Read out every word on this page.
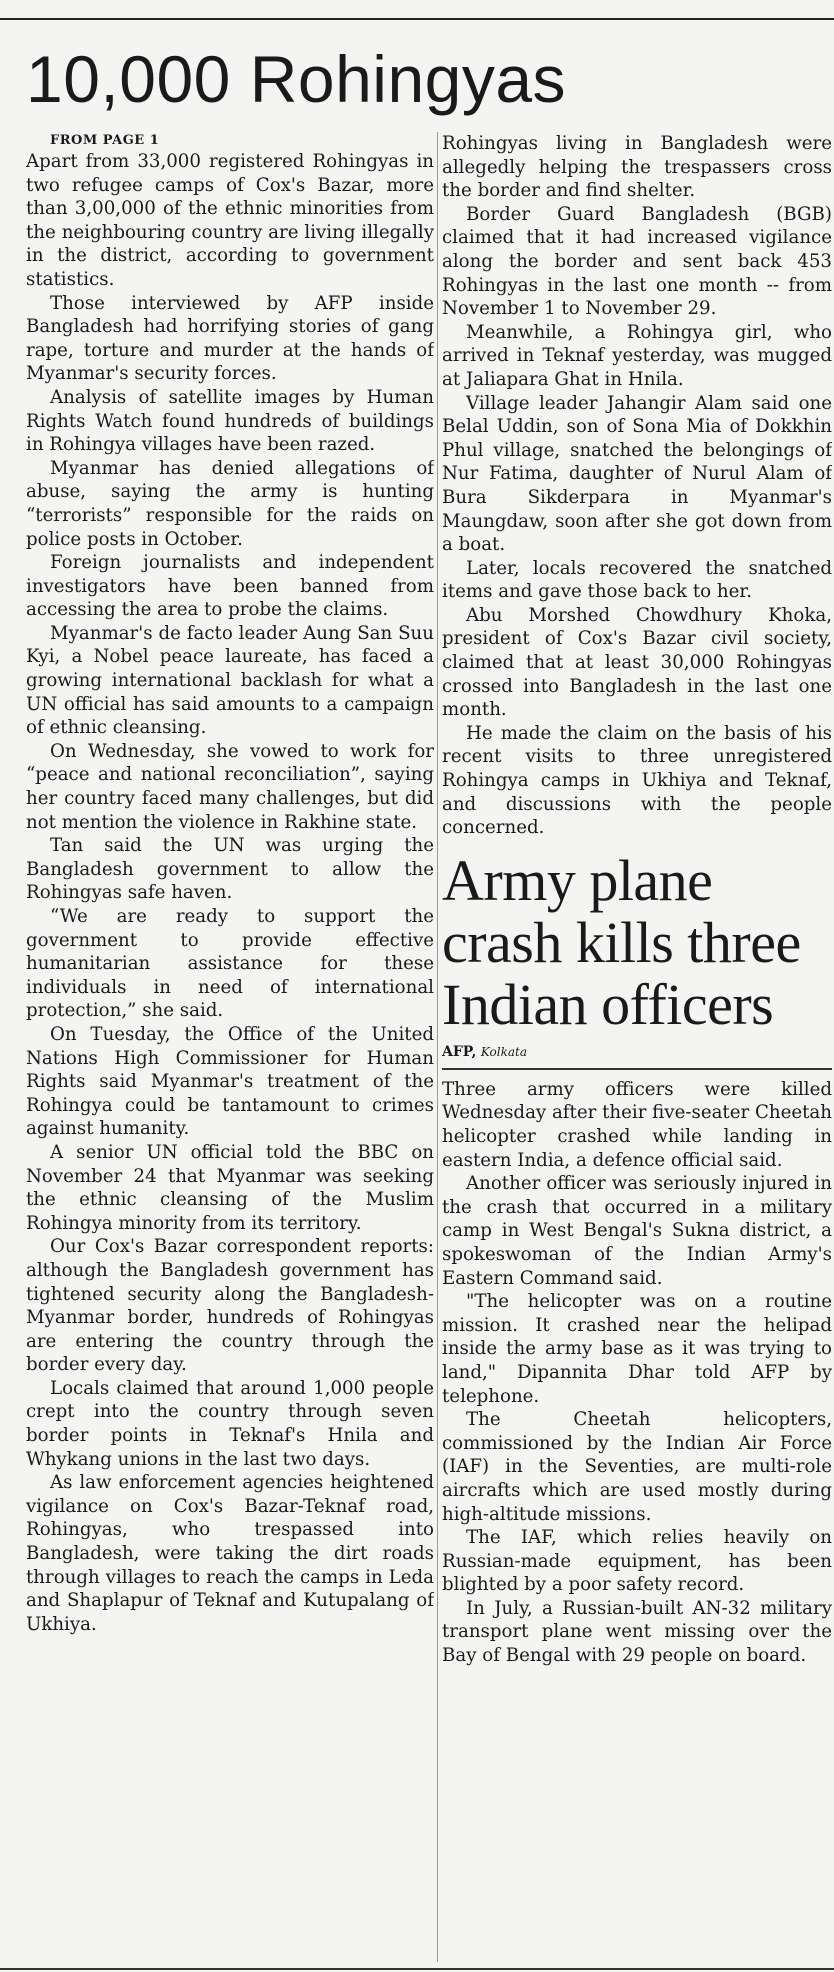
10,000 Rohingyas

FROM PAGE 1

Apart from 33,000 registered Rohingyas in two refugee camps of Cox's Bazar, more than 3,00,000 of the ethnic minorities from the neighbouring country are living illegally in the district, according to government statistics.

Those interviewed by AFP inside Bangladesh had horrifying stories of gang rape, torture and murder at the hands of Myanmar's security forces.

Analysis of satellite images by Human Rights Watch found hundreds of buildings in Rohingya villages have been razed.

Myanmar has denied allegations of abuse, saying the army is hunting “terrorists” responsible for the raids on police posts in October.

Foreign journalists and independent investigators have been banned from accessing the area to probe the claims.

Myanmar's de facto leader Aung San Suu Kyi, a Nobel peace laureate, has faced a growing international backlash for what a UN official has said amounts to a campaign of ethnic cleansing.

On Wednesday, she vowed to work for “peace and national reconciliation”, saying her country faced many challenges, but did not mention the violence in Rakhine state.

Tan said the UN was urging the Bangladesh government to allow the Rohingyas safe haven.

“We are ready to support the government to provide effective humanitarian assistance for these individuals in need of international protection,” she said.

On Tuesday, the Office of the United Nations High Commissioner for Human Rights said Myanmar's treatment of the Rohingya could be tantamount to crimes against humanity.

A senior UN official told the BBC on November 24 that Myanmar was seeking the ethnic cleansing of the Muslim Rohingya minority from its territory.

Our Cox's Bazar correspondent reports: although the Bangladesh government has tightened security along the Bangladesh-Myanmar border, hundreds of Rohingyas are entering the country through the border every day.

Locals claimed that around 1,000 people crept into the country through seven border points in Teknaf's Hnila and Whykang unions in the last two days.

As law enforcement agencies heightened vigilance on Cox's Bazar-Teknaf road, Rohingyas, who trespassed into Bangladesh, were taking the dirt roads through villages to reach the camps in Leda and Shaplapur of Teknaf and Kutupalang of Ukhiya.

Rohingyas living in Bangladesh were allegedly helping the trespassers cross the border and find shelter.

Border Guard Bangladesh (BGB) claimed that it had increased vigilance along the border and sent back 453 Rohingyas in the last one month -- from November 1 to November 29.

Meanwhile, a Rohingya girl, who arrived in Teknaf yesterday, was mugged at Jaliapara Ghat in Hnila.

Village leader Jahangir Alam said one Belal Uddin, son of Sona Mia of Dokkhin Phul village, snatched the belongings of Nur Fatima, daughter of Nurul Alam of Bura Sikderpara in Myanmar's Maungdaw, soon after she got down from a boat.

Later, locals recovered the snatched items and gave those back to her.

Abu Morshed Chowdhury Khoka, president of Cox's Bazar civil society, claimed that at least 30,000 Rohingyas crossed into Bangladesh in the last one month.

He made the claim on the basis of his recent visits to three unregistered Rohingya camps in Ukhiya and Teknaf, and discussions with the people concerned.

Army plane crash kills three Indian officers
AFP, Kolkata

Three army officers were killed Wednesday after their five-seater Cheetah helicopter crashed while landing in eastern India, a defence official said.

Another officer was seriously injured in the crash that occurred in a military camp in West Bengal's Sukna district, a spokeswoman of the Indian Army's Eastern Command said.

"The helicopter was on a routine mission. It crashed near the helipad inside the army base as it was trying to land," Dipannita Dhar told AFP by telephone.

The Cheetah helicopters, commissioned by the Indian Air Force (IAF) in the Seventies, are multi-role aircrafts which are used mostly during high-altitude missions.

The IAF, which relies heavily on Russian-made equipment, has been blighted by a poor safety record.

In July, a Russian-built AN-32 military transport plane went missing over the Bay of Bengal with 29 people on board.
